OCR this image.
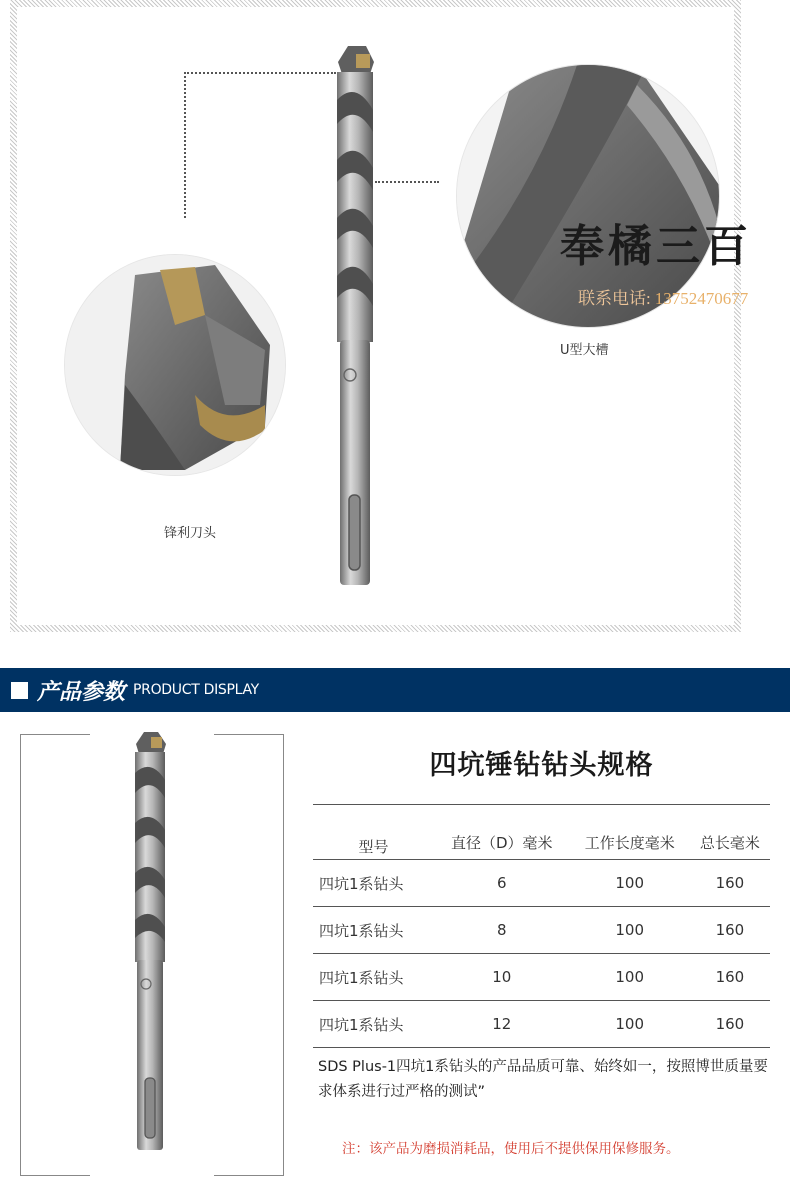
锋利刀头
U型大槽
奉橘三百
联系电话: 13752470677
产品参数 PRODUCT DISPLAY
四坑锤钻钻头规格
型号	直径（D）毫米	工作长度毫米	总长毫米
四坑1系钻头	6	100	160
四坑1系钻头	8	100	160
四坑1系钻头	10	100	160
四坑1系钻头	12	100	160
SDS Plus-1四坑1系钻头的产品品质可靠、始终如一，按照博世质量要求体系进行过严格的测试”
注：该产品为磨损消耗品，使用后不提供保用保修服务。
